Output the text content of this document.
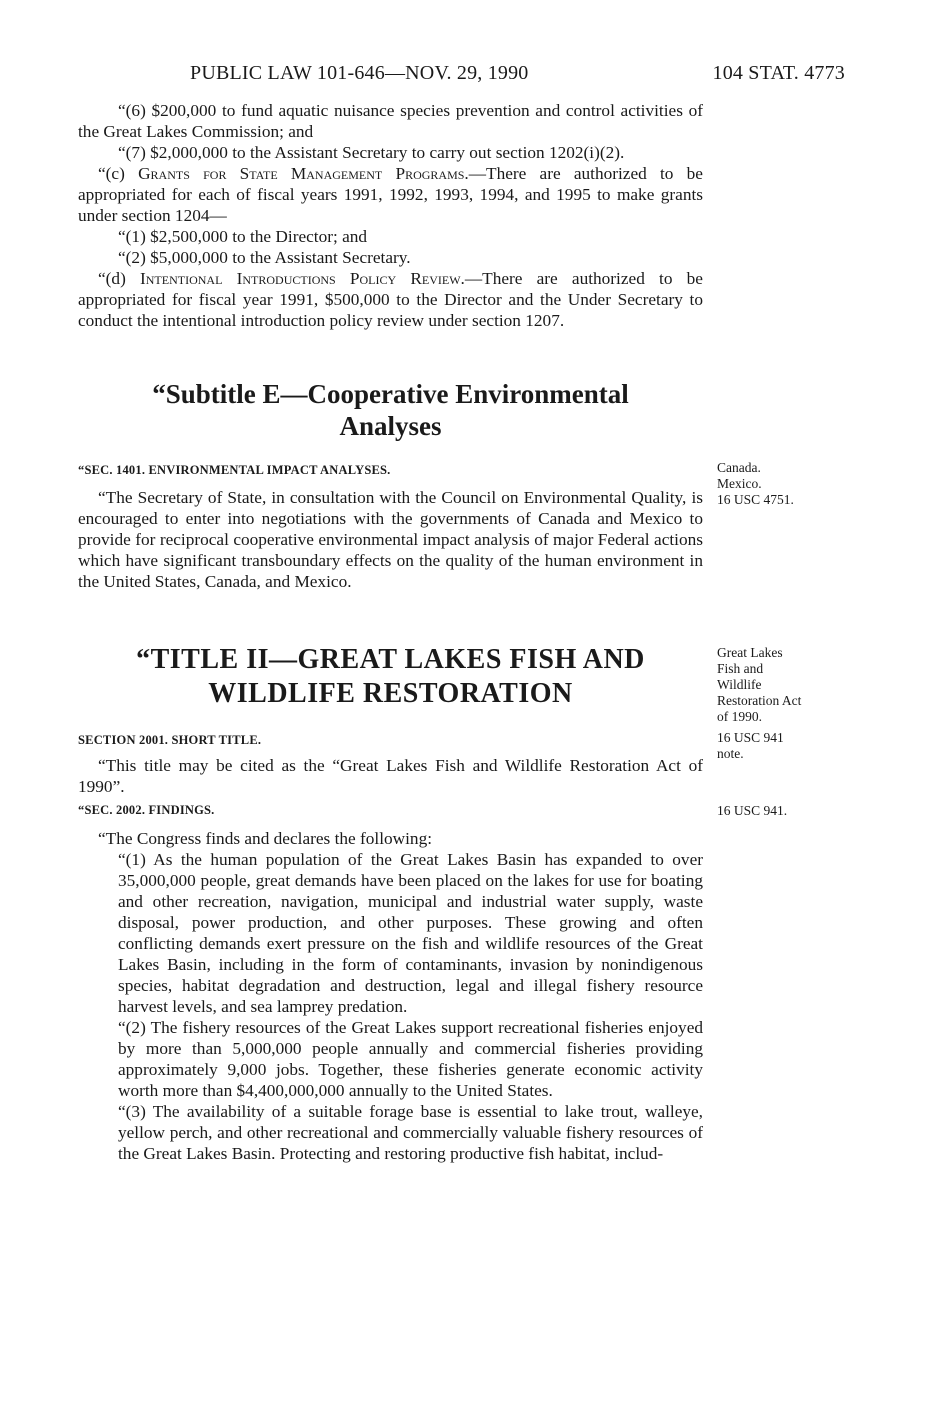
PUBLIC LAW 101-646—NOV. 29, 1990	104 STAT. 4773

“(6) $200,000 to fund aquatic nuisance species prevention and control activities of the Great Lakes Commission; and

“(7) $2,000,000 to the Assistant Secretary to carry out section 1202(i)(2).

“(c) Grants for State Management Programs.—There are authorized to be appropriated for each of fiscal years 1991, 1992, 1993, 1994, and 1995 to make grants under section 1204—

“(1) $2,500,000 to the Director; and

“(2) $5,000,000 to the Assistant Secretary.

“(d) Intentional Introductions Policy Review.—There are authorized to be appropriated for fiscal year 1991, $500,000 to the Director and the Under Secretary to conduct the intentional introduction policy review under section 1207.

“Subtitle E—Cooperative Environmental
Analyses
“SEC. 1401. ENVIRONMENTAL IMPACT ANALYSES.

“The Secretary of State, in consultation with the Council on Environmental Quality, is encouraged to enter into negotiations with the governments of Canada and Mexico to provide for reciprocal cooperative environmental impact analysis of major Federal actions which have significant transboundary effects on the quality of the human environment in the United States, Canada, and Mexico.

Canada.
Mexico.
16 USC 4751.
“TITLE II—GREAT LAKES FISH AND
WILDLIFE RESTORATION
Great Lakes
Fish and
Wildlife
Restoration Act
of 1990.
16 USC 941
note.
SECTION 2001. SHORT TITLE.

“This title may be cited as the “Great Lakes Fish and Wildlife Restoration Act of 1990”.

“SEC. 2002. FINDINGS.	16 USC 941.

“The Congress finds and declares the following:

“(1) As the human population of the Great Lakes Basin has expanded to over 35,000,000 people, great demands have been placed on the lakes for use for boating and other recreation, navigation, municipal and industrial water supply, waste disposal, power production, and other purposes. These growing and often conflicting demands exert pressure on the fish and wildlife resources of the Great Lakes Basin, including in the form of contaminants, invasion by nonindigenous species, habitat degradation and destruction, legal and illegal fishery resource harvest levels, and sea lamprey predation.

“(2) The fishery resources of the Great Lakes support recreational fisheries enjoyed by more than 5,000,000 people annually and commercial fisheries providing approximately 9,000 jobs. Together, these fisheries generate economic activity worth more than $4,400,000,000 annually to the United States.

“(3) The availability of a suitable forage base is essential to lake trout, walleye, yellow perch, and other recreational and commercially valuable fishery resources of the Great Lakes Basin. Protecting and restoring productive fish habitat, includ-
